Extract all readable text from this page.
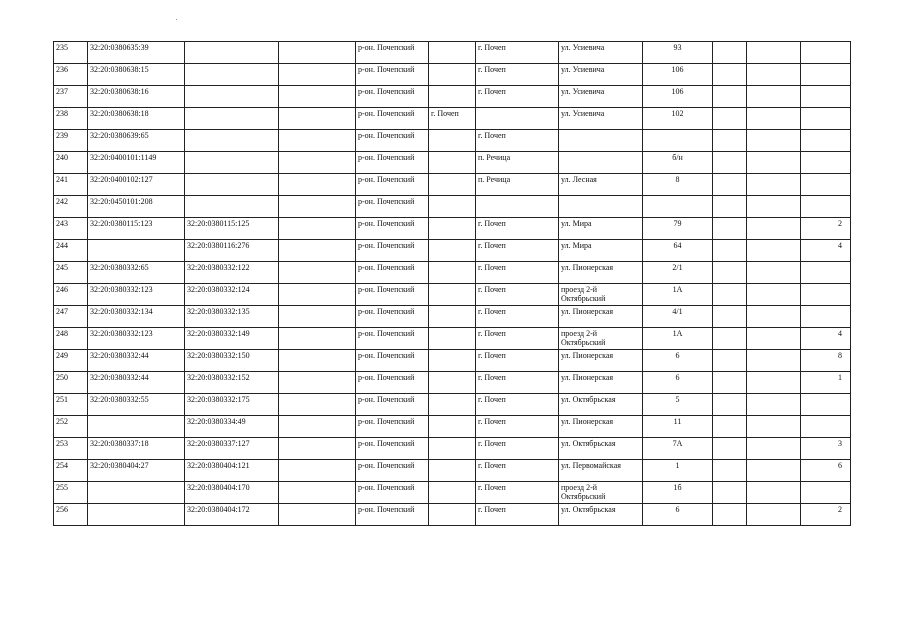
235	32:20:0380635:39			р-он. Почепский		г. Почеп	ул. Усиевича	93			
236	32:20:0380638:15			р-он. Почепский		г. Почеп	ул. Усиевича	106			
237	32:20:0380638:16			р-он. Почепский		г. Почеп	ул. Усиевича	106			
238	32:20:0380638:18			р-он. Почепский	г. Почеп		ул. Усиевича	102			
239	32:20:0380639:65			р-он. Почепский		г. Почеп					
240	32:20:0400101:1149			р-он. Почепский		п. Речица		б/н			
241	32:20:0400102:127			р-он. Почепский		п. Речица	ул. Лесная	8			
242	32:20:0450101:208			р-он. Почепский							
243	32:20:0380115:123	32:20:0380115:125		р-он. Почепский		г. Почеп	ул. Мира	79			2
244		32:20:0380116:276		р-он. Почепский		г. Почеп	ул. Мира	64			4
245	32:20:0380332:65	32:20:0380332:122		р-он. Почепский		г. Почеп	ул. Пионерская	2/1			
246	32:20:0380332:123	32:20:0380332:124		р-он. Почепский		г. Почеп	проезд 2-й Октябрьский	1А			
247	32:20:0380332:134	32:20:0380332:135		р-он. Почепский		г. Почеп	ул. Пионерская	4/1			
248	32:20:0380332:123	32:20:0380332:149		р-он. Почепский		г. Почеп	проезд 2-й Октябрьский	1А			4
249	32:20:0380332:44	32:20:0380332:150		р-он. Почепский		г. Почеп	ул. Пионерская	6			8
250	32:20:0380332:44	32:20:0380332:152		р-он. Почепский		г. Почеп	ул. Пионерская	6			1
251	32:20:0380332:55	32:20:0380332:175		р-он. Почепский		г. Почеп	ул. Октябрьская	5			
252		32:20:0380334:49		р-он. Почепский		г. Почеп	ул. Пионерская	11			
253	32:20:0380337:18	32:20:0380337:127		р-он. Почепский		г. Почеп	ул. Октябрьская	7А			3
254	32:20:0380404:27	32:20:0380404:121		р-он. Почепский		г. Почеп	ул. Первомайская	1			6
255		32:20:0380404:170		р-он. Почепский		г. Почеп	проезд 2-й Октябрьский	1б			
256		32:20:0380404:172		р-он. Почепский		г. Почеп	ул. Октябрьская	6			2
